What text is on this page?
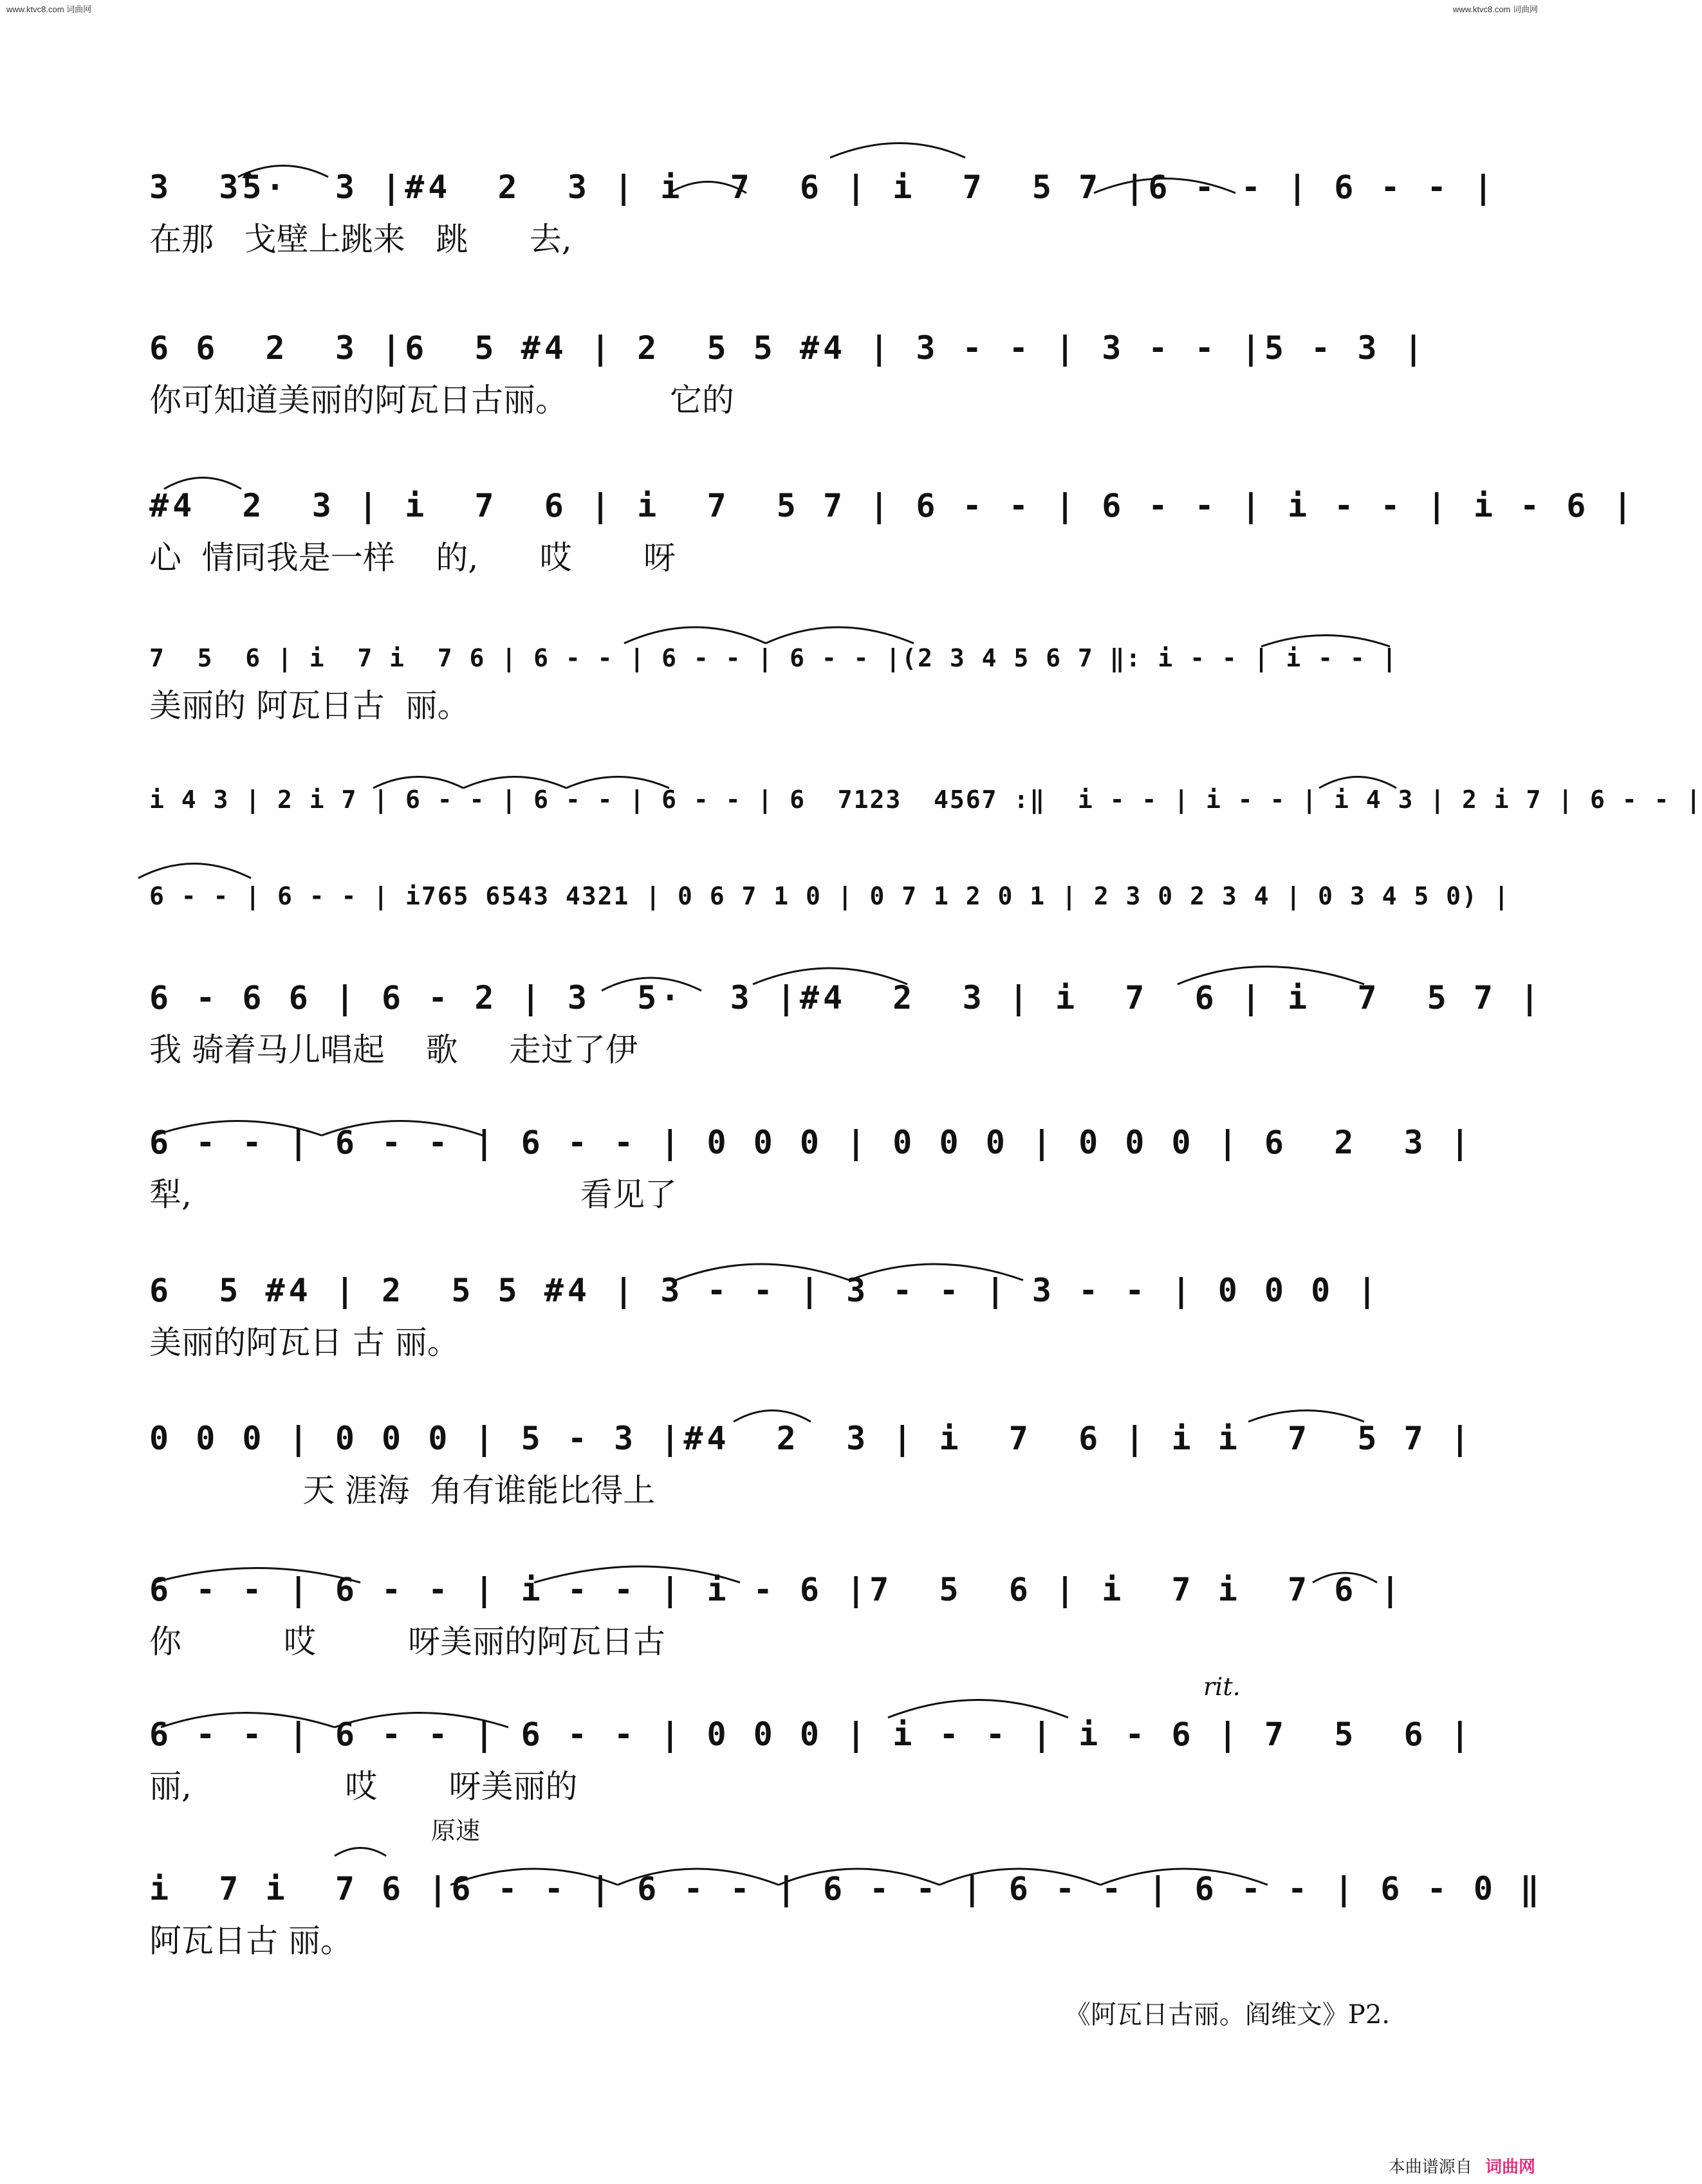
www.ktvc8.com 词曲网	www.ktvc8.com 词曲网
3  3̂5·  3 |#4  2  3 | i  7  6 | i  7  5 7 |6 - - | 6 - - |
在那   戈壁上跳来   跳      去,
6 6  2  3 |6  5 #4 | 2  5 5 #4 | 3 - - | 3 - - |5 - 3 |
你可知道美丽的阿瓦日古丽。          它的
#4  2  3 | i  7  6 | i  7  5 7 | 6 - - | 6 - - | i - - | i - 6 |
心  情同我是一样    的,      哎       呀
7  5  6 | i  7 i  7 6 | 6 - - | 6 - - | 6 - - |(2 3 4 5 6 7 ‖: i - - | i - - |
美丽的 阿瓦日古  丽。
i 4 3 | 2 i 7 | 6 - - | 6 - - | 6 - - | 6  7123  4567 :‖  i - - | i - - | i 4 3 | 2 i 7 | 6 - - |
6 - - | 6 - - | i765 6543 4321 | 0 6 7 1 0 | 0 7 1 2 0 1 | 2 3 0 2 3 4 | 0 3 4 5 0) |
6 - 6 6 | 6 - 2 | 3  5·  3 |#4  2  3 | i  7  6 | i  7  5 7 |
我 骑着马儿唱起    歌     走过了伊
6 - - | 6 - - | 6 - - | 0 0 0 | 0 0 0 | 0 0 0 | 6  2  3 |
犁,                                      看见了
6  5 #4 | 2  5 5 #4 | 3 - - | 3 - - | 3 - - | 0 0 0 |
美丽的阿瓦日 古 丽。
0 0 0 | 0 0 0 | 5 - 3 |#4  2  3 | i  7  6 | i i  7  5 7 |
天 涯海  角有谁能比得上
6 - - | 6 - - | i - - | i - 6 |7  5  6 | i  7 i  7 6 |
你          哎         呀美丽的阿瓦日古
6 - - | 6 - - | 6 - - | 0 0 0 | i - - | i - 6 | 7  5  6 |
丽,               哎       呀美丽的
i  7 i  7 6 |6 - - | 6 - - | 6 - - | 6 - - | 6 - - | 6 - 0 ‖
阿瓦日古 丽。
rit.
原速
《阿瓦日古丽。阎维文》P2.
本曲谱源自 词曲网
